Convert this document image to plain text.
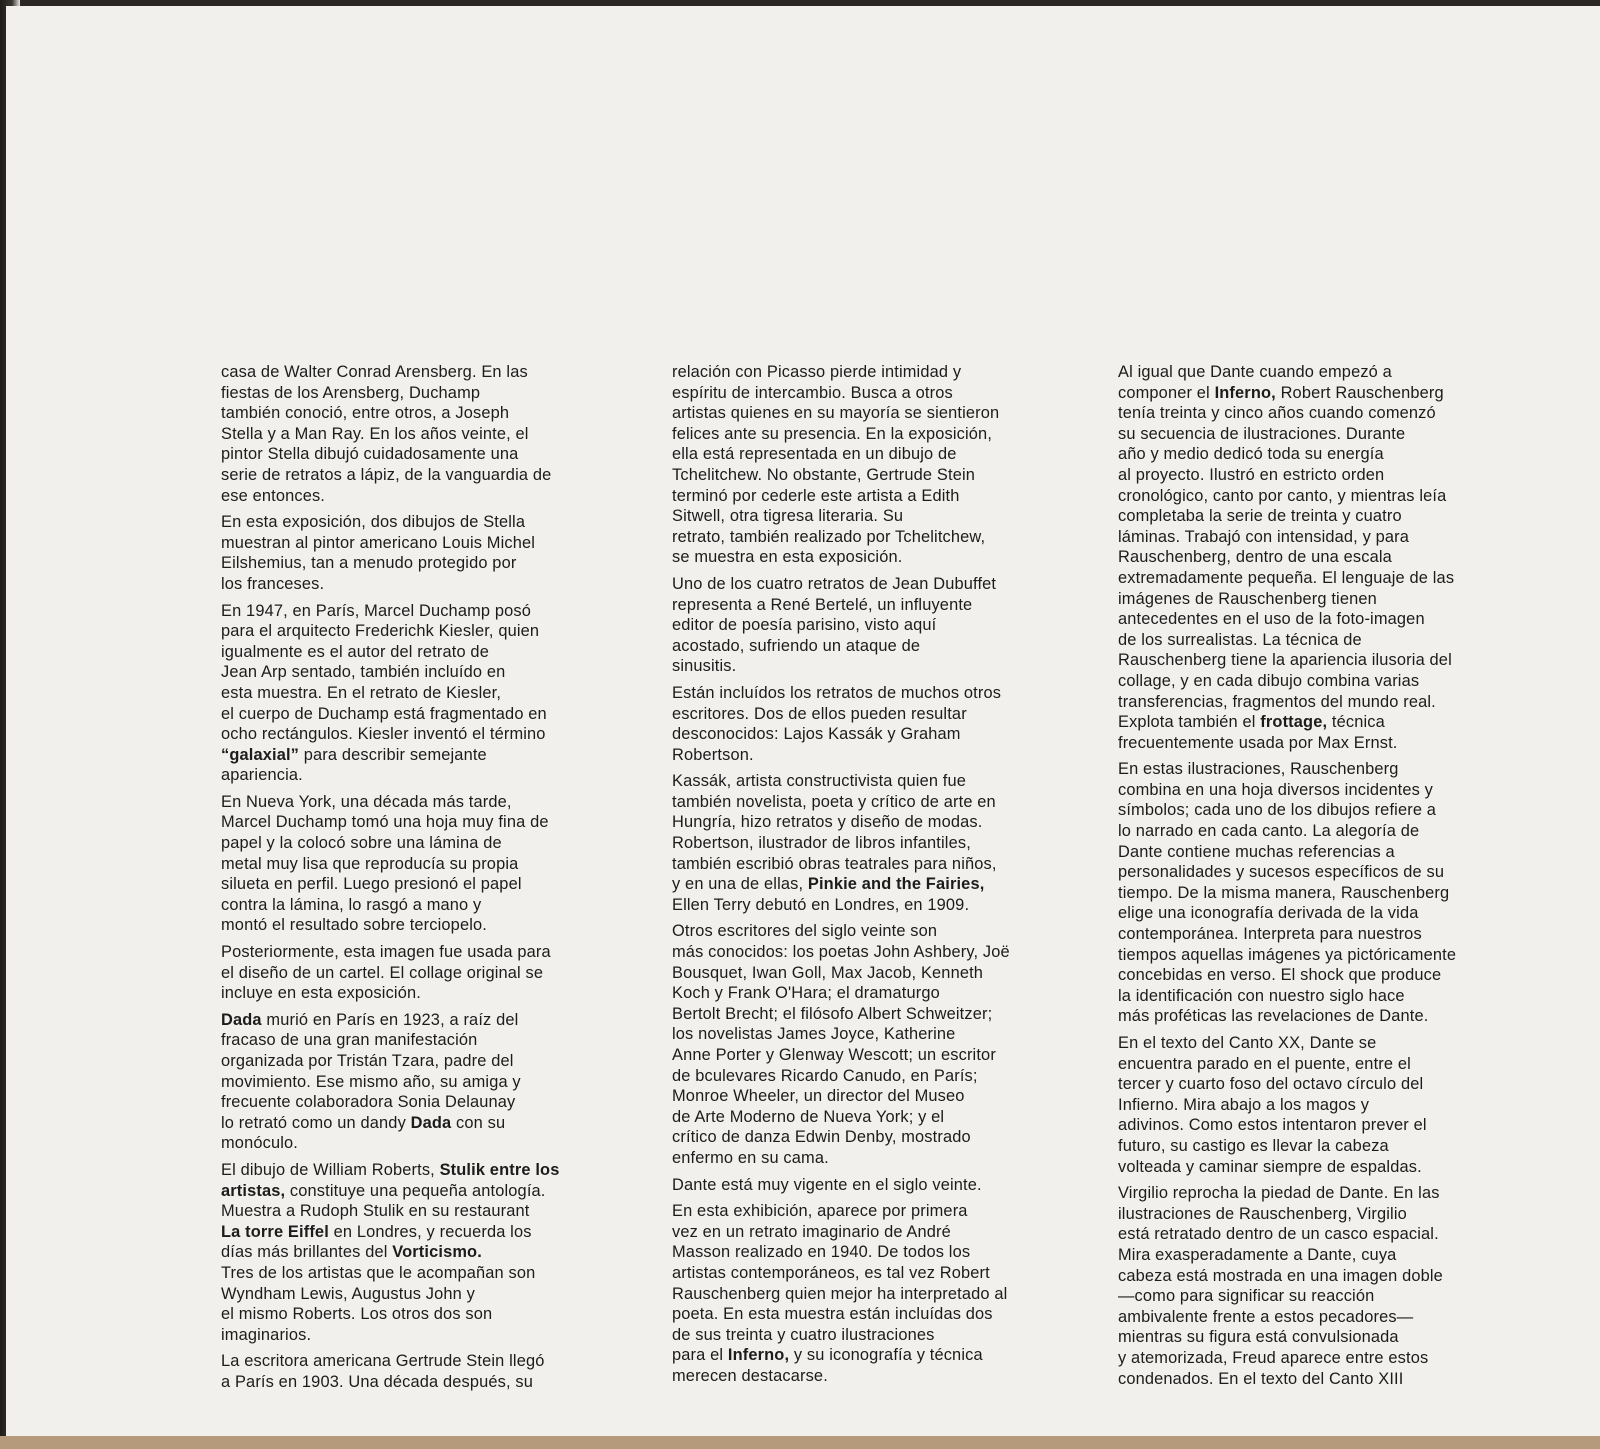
casa de Walter Conrad Arensberg. En las
fiestas de los Arensberg, Duchamp
también conoció, entre otros, a Joseph
Stella y a Man Ray. En los años veinte, el
pintor Stella dibujó cuidadosamente una
serie de retratos a lápiz, de la vanguardia de
ese entonces.
En esta exposición, dos dibujos de Stella
muestran al pintor americano Louis Michel
Eilshemius, tan a menudo protegido por
los franceses.
En 1947, en París, Marcel Duchamp posó
para el arquitecto Frederichk Kiesler, quien
igualmente es el autor del retrato de
Jean Arp sentado, también incluído en
esta muestra. En el retrato de Kiesler,
el cuerpo de Duchamp está fragmentado en
ocho rectángulos. Kiesler inventó el término
“galaxial” para describir semejante
apariencia.
En Nueva York, una década más tarde,
Marcel Duchamp tomó una hoja muy fina de
papel y la colocó sobre una lámina de
metal muy lisa que reproducía su propia
silueta en perfil. Luego presionó el papel
contra la lámina, lo rasgó a mano y
montó el resultado sobre terciopelo.
Posteriormente, esta imagen fue usada para
el diseño de un cartel. El collage original se
incluye en esta exposición.
Dada murió en París en 1923, a raíz del
fracaso de una gran manifestación
organizada por Tristán Tzara, padre del
movimiento. Ese mismo año, su amiga y
frecuente colaboradora Sonia Delaunay
lo retrató como un dandy Dada con su
monóculo.
El dibujo de William Roberts, Stulik entre los
artistas, constituye una pequeña antología.
Muestra a Rudoph Stulik en su restaurant
La torre Eiffel en Londres, y recuerda los
días más brillantes del Vorticismo.
Tres de los artistas que le acompañan son
Wyndham Lewis, Augustus John y
el mismo Roberts. Los otros dos son
imaginarios.
La escritora americana Gertrude Stein llegó
a París en 1903. Una década después, su
relación con Picasso pierde intimidad y
espíritu de intercambio. Busca a otros
artistas quienes en su mayoría se sientieron
felices ante su presencia. En la exposición,
ella está representada en un dibujo de
Tchelitchew. No obstante, Gertrude Stein
terminó por cederle este artista a Edith
Sitwell, otra tigresa literaria. Su
retrato, también realizado por Tchelitchew,
se muestra en esta exposición.
Uno de los cuatro retratos de Jean Dubuffet
representa a René Bertelé, un influyente
editor de poesía parisino, visto aquí
acostado, sufriendo un ataque de
sinusitis.
Están incluídos los retratos de muchos otros
escritores. Dos de ellos pueden resultar
desconocidos: Lajos Kassák y Graham
Robertson.
Kassák, artista constructivista quien fue
también novelista, poeta y crítico de arte en
Hungría, hizo retratos y diseño de modas.
Robertson, ilustrador de libros infantiles,
también escribió obras teatrales para niños,
y en una de ellas, Pinkie and the Fairies,
Ellen Terry debutó en Londres, en 1909.
Otros escritores del siglo veinte son
más conocidos: los poetas John Ashbery, Joë
Bousquet, Iwan Goll, Max Jacob, Kenneth
Koch y Frank O'Hara; el dramaturgo
Bertolt Brecht; el filósofo Albert Schweitzer;
los novelistas James Joyce, Katherine
Anne Porter y Glenway Wescott; un escritor
de bculevares Ricardo Canudo, en París;
Monroe Wheeler, un director del Museo
de Arte Moderno de Nueva York; y el
crítico de danza Edwin Denby, mostrado
enfermo en su cama.
Dante está muy vigente en el siglo veinte.
En esta exhibición, aparece por primera
vez en un retrato imaginario de André
Masson realizado en 1940. De todos los
artistas contemporáneos, es tal vez Robert
Rauschenberg quien mejor ha interpretado al
poeta. En esta muestra están incluídas dos
de sus treinta y cuatro ilustraciones
para el Inferno, y su iconografía y técnica
merecen destacarse.
Al igual que Dante cuando empezó a
componer el Inferno, Robert Rauschenberg
tenía treinta y cinco años cuando comenzó
su secuencia de ilustraciones. Durante
año y medio dedicó toda su energía
al proyecto. Ilustró en estricto orden
cronológico, canto por canto, y mientras leía
completaba la serie de treinta y cuatro
láminas. Trabajó con intensidad, y para
Rauschenberg, dentro de una escala
extremadamente pequeña. El lenguaje de las
imágenes de Rauschenberg tienen
antecedentes en el uso de la foto-imagen
de los surrealistas. La técnica de
Rauschenberg tiene la apariencia ilusoria del
collage, y en cada dibujo combina varias
transferencias, fragmentos del mundo real.
Explota también el frottage, técnica
frecuentemente usada por Max Ernst.
En estas ilustraciones, Rauschenberg
combina en una hoja diversos incidentes y
símbolos; cada uno de los dibujos refiere a
lo narrado en cada canto. La alegoría de
Dante contiene muchas referencias a
personalidades y sucesos específicos de su
tiempo. De la misma manera, Rauschenberg
elige una iconografía derivada de la vida
contemporánea. Interpreta para nuestros
tiempos aquellas imágenes ya pictóricamente
concebidas en verso. El shock que produce
la identificación con nuestro siglo hace
más proféticas las revelaciones de Dante.
En el texto del Canto XX, Dante se
encuentra parado en el puente, entre el
tercer y cuarto foso del octavo círculo del
Infierno. Mira abajo a los magos y
adivinos. Como estos intentaron prever el
futuro, su castigo es llevar la cabeza
volteada y caminar siempre de espaldas.
Virgilio reprocha la piedad de Dante. En las
ilustraciones de Rauschenberg, Virgilio
está retratado dentro de un casco espacial.
Mira exasperadamente a Dante, cuya
cabeza está mostrada en una imagen doble
—como para significar su reacción
ambivalente frente a estos pecadores—
mientras su figura está convulsionada
y atemorizada, Freud aparece entre estos
condenados. En el texto del Canto XIII
